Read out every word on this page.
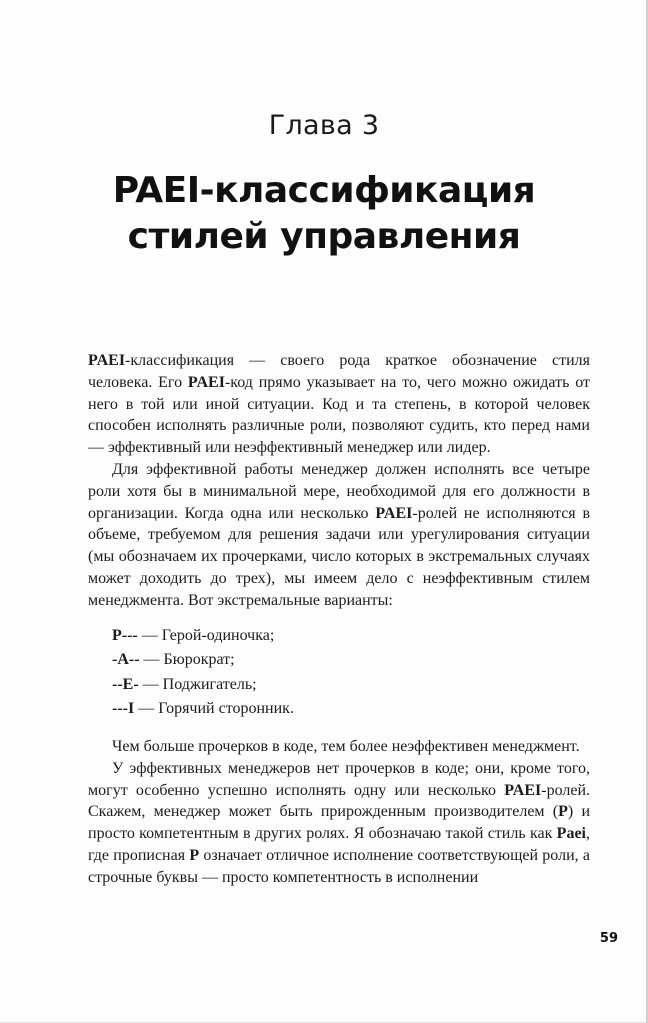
Глава 3
PAEI-классификация
стилей управления

PAEI-классификация — своего рода краткое обозначение стиля человека. Его PAEI-код прямо указывает на то, чего можно ожидать от него в той или иной ситуации. Код и та степень, в которой человек способен исполнять различные роли, позволяют судить, кто перед нами — эффективный или неэффективный менеджер или лидер.

Для эффективной работы менеджер должен исполнять все четыре роли хотя бы в минимальной мере, необходимой для его должности в организации. Когда одна или несколько PAEI-ролей не исполняются в объеме, требуемом для решения задачи или урегулирования ситуации (мы обозначаем их прочерками, число которых в экстремальных случаях может доходить до трех), мы имеем дело с неэффективным стилем менеджмента. Вот экстремальные варианты:

P--- — Герой-одиночка;

-A-- — Бюрократ;

--E- — Поджигатель;

---I — Горячий сторонник.

Чем больше прочерков в коде, тем более неэффективен менеджмент.

У эффективных менеджеров нет прочерков в коде; они, кроме того, могут особенно успешно исполнять одну или несколько PAEI-ролей. Скажем, менеджер может быть прирожденным производителем (P) и просто компетентным в других ролях. Я обозначаю такой стиль как Paei, где прописная P означает отличное исполнение соответствующей роли, а строчные буквы — просто компетентность в исполнении

59
